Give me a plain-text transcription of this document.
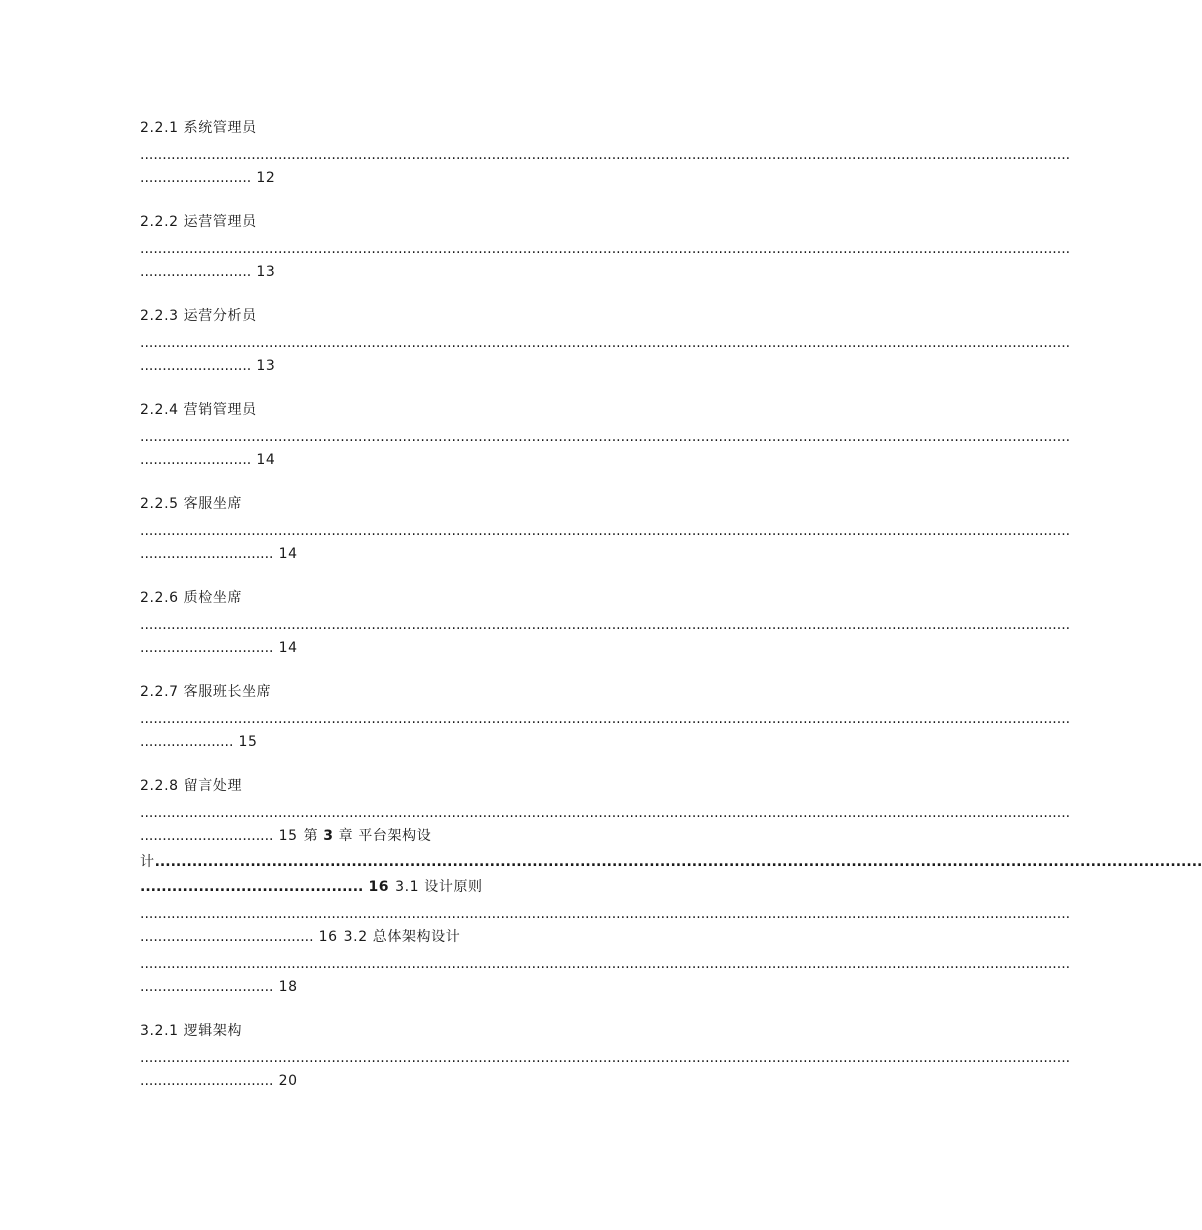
2.2.1 系统管理员
.................................................................................................................................................................................................................
......................... 12
2.2.2 运营管理员
.................................................................................................................................................................................................................
......................... 13
2.2.3 运营分析员
.................................................................................................................................................................................................................
......................... 13
2.2.4 营销管理员
.................................................................................................................................................................................................................
......................... 14
2.2.5 客服坐席
.................................................................................................................................................................................................................
.............................. 14
2.2.6 质检坐席
.................................................................................................................................................................................................................
.............................. 14
2.2.7 客服班长坐席
.................................................................................................................................................................................................................
..................... 15
2.2.8 留言处理
.................................................................................................................................................................................................................
.............................. 15 第 3 章 平台架构设
计.....................................................................................................................................................................................................
.......................................... 16 3.1 设计原则
.................................................................................................................................................................................................................
....................................... 16 3.2 总体架构设计
.................................................................................................................................................................................................................
.............................. 18
3.2.1 逻辑架构
.................................................................................................................................................................................................................
.............................. 20
